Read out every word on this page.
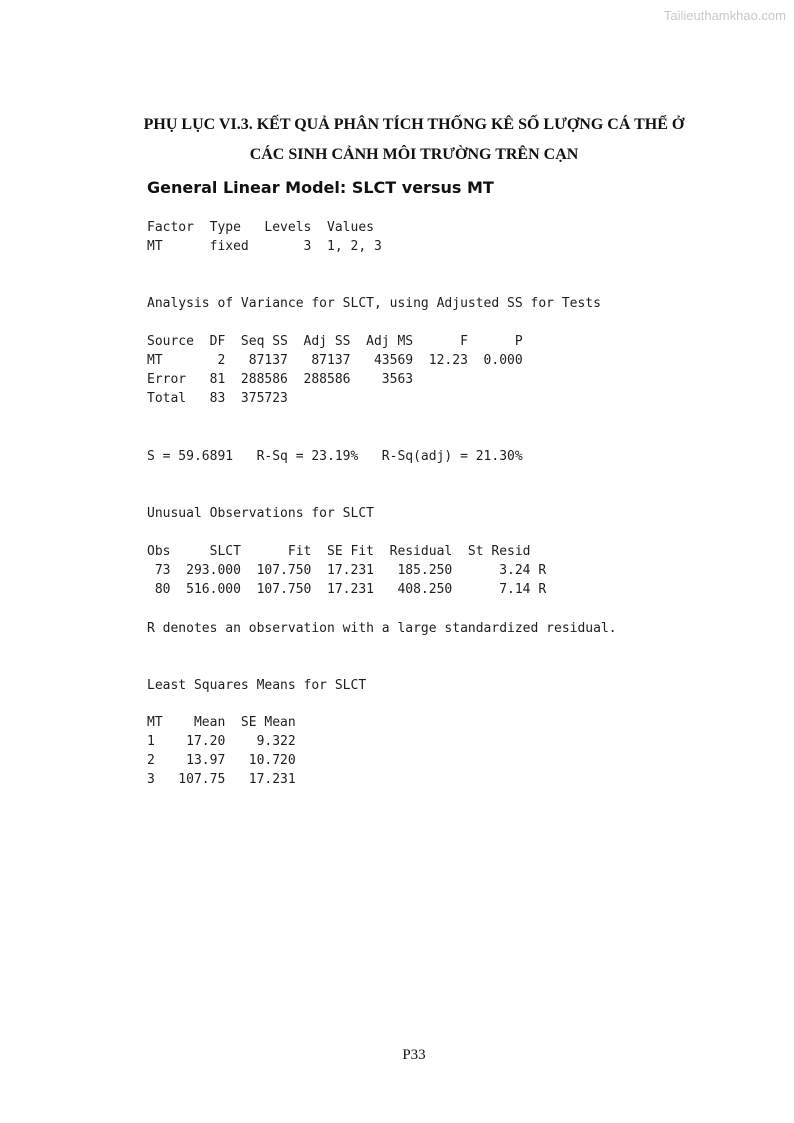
Tailieuthamkhao.com
PHỤ LỤC VI.3. KẾT QUẢ PHÂN TÍCH THỐNG KÊ SỐ LƯỢNG CÁ THỂ Ở
CÁC SINH CẢNH MÔI TRƯỜNG TRÊN CẠN
General Linear Model: SLCT versus MT
Factor  Type   Levels  Values
MT      fixed       3  1, 2, 3
Analysis of Variance for SLCT, using Adjusted SS for Tests
Source  DF  Seq SS  Adj SS  Adj MS      F      P
MT       2   87137   87137   43569  12.23  0.000
Error   81  288586  288586    3563
Total   83  375723
S = 59.6891   R-Sq = 23.19%   R-Sq(adj) = 21.30%
Unusual Observations for SLCT
Obs     SLCT      Fit  SE Fit  Residual  St Resid
73  293.000  107.750  17.231   185.250      3.24 R
80  516.000  107.750  17.231   408.250      7.14 R
R denotes an observation with a large standardized residual.
Least Squares Means for SLCT
MT    Mean  SE Mean
1    17.20    9.322
2    13.97   10.720
3   107.75   17.231
P33
